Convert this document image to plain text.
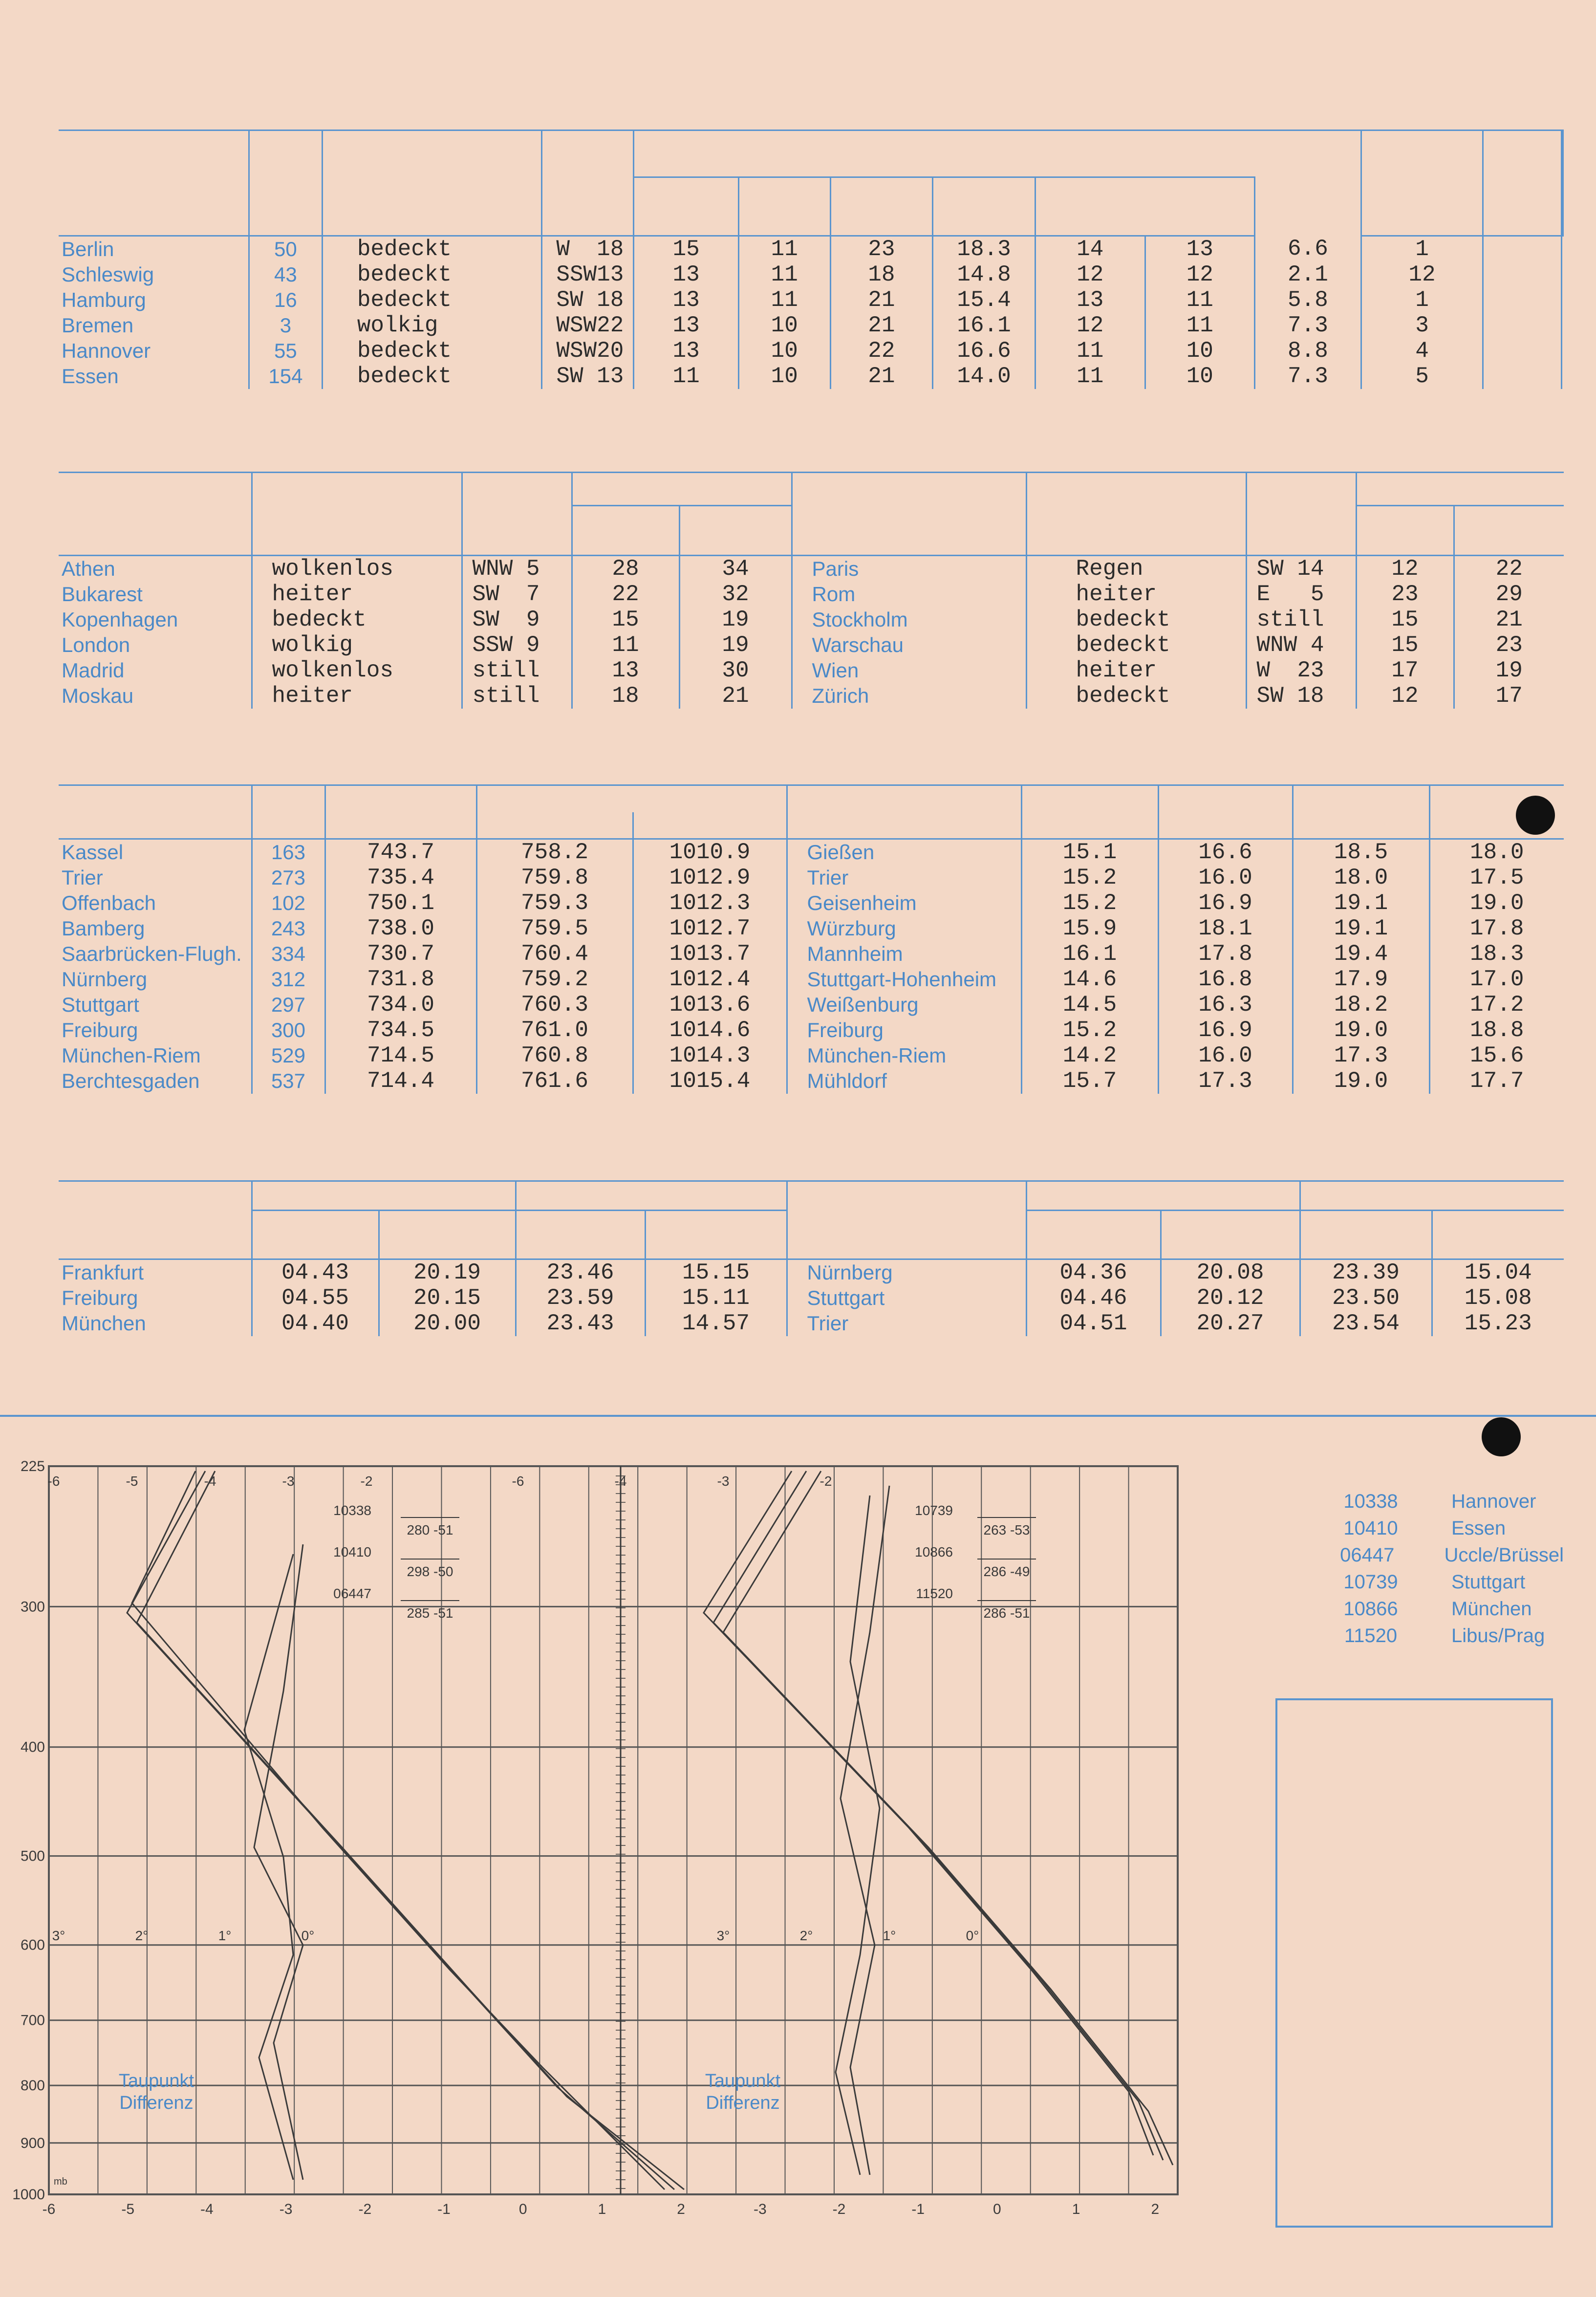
Berlin	50	bedeckt	W  18	15	11	23	18.3	14	13	6.6	1		
Schleswig	43	bedeckt	SSW13	13	11	18	14.8	12	12	2.1	12		
Hamburg	16	bedeckt	SW 18	13	11	21	15.4	13	11	5.8	1		
Bremen	3	wolkig	WSW22	13	10	21	16.1	12	11	7.3	3		
Hannover	55	bedeckt	WSW20	13	10	22	16.6	11	10	8.8	4		
Essen	154	bedeckt	SW 13	11	10	21	14.0	11	10	7.3	5		

Athen	wolkenlos	WNW 5	28	34	Paris	Regen	SW 14	12	22
Bukarest	heiter	SW  7	22	32	Rom	heiter	E   5	23	29
Kopenhagen	bedeckt	SW  9	15	19	Stockholm	bedeckt	still	15	21
London	wolkig	SSW 9	11	19	Warschau	bedeckt	WNW 4	15	23
Madrid	wolkenlos	still	13	30	Wien	heiter	W  23	17	19
Moskau	heiter	still	18	21	Zürich	bedeckt	SW 18	12	17

Kassel	163	743.7	758.2	1010.9	Gießen	15.1	16.6	18.5	18.0
Trier	273	735.4	759.8	1012.9	Trier	15.2	16.0	18.0	17.5
Offenbach	102	750.1	759.3	1012.3	Geisenheim	15.2	16.9	19.1	19.0
Bamberg	243	738.0	759.5	1012.7	Würzburg	15.9	18.1	19.1	17.8
Saarbrücken-Flugh.	334	730.7	760.4	1013.7	Mannheim	16.1	17.8	19.4	18.3
Nürnberg	312	731.8	759.2	1012.4	Stuttgart-Hohenheim	14.6	16.8	17.9	17.0
Stuttgart	297	734.0	760.3	1013.6	Weißenburg	14.5	16.3	18.2	17.2
Freiburg	300	734.5	761.0	1014.6	Freiburg	15.2	16.9	19.0	18.8
München-Riem	529	714.5	760.8	1014.3	München-Riem	14.2	16.0	17.3	15.6
Berchtesgaden	537	714.4	761.6	1015.4	Mühldorf	15.7	17.3	19.0	17.7

Frankfurt	04.43	20.19	23.46	15.15	Nürnberg	04.36	20.08	23.39	15.04
Freiburg	04.55	20.15	23.59	15.11	Stuttgart	04.46	20.12	23.50	15.08
München	04.40	20.00	23.43	14.57	Trier	04.51	20.27	23.54	15.23

10338	Hannover
10410	Essen
06447	Uccle/Brüssel
10739	Stuttgart
10866	München
11520	Libus/Prag
225
300
400
500
600
700
800
900
1000
mb
-6	-5	-4	-3	-2	-1	0	1	2	-3	-2	-1	0	1	2
-6	-5	-4	-3	-2	-6	-4	-3	-2
10338
280 -51
10410
298 -50
06447
285 -51
10739
263 -53
10866
286 -49
11520
286 -51
Taupunkt
Differenz
Taupunkt
Differenz
3°	3°
2°	2°
1°	1°
0°	0°
